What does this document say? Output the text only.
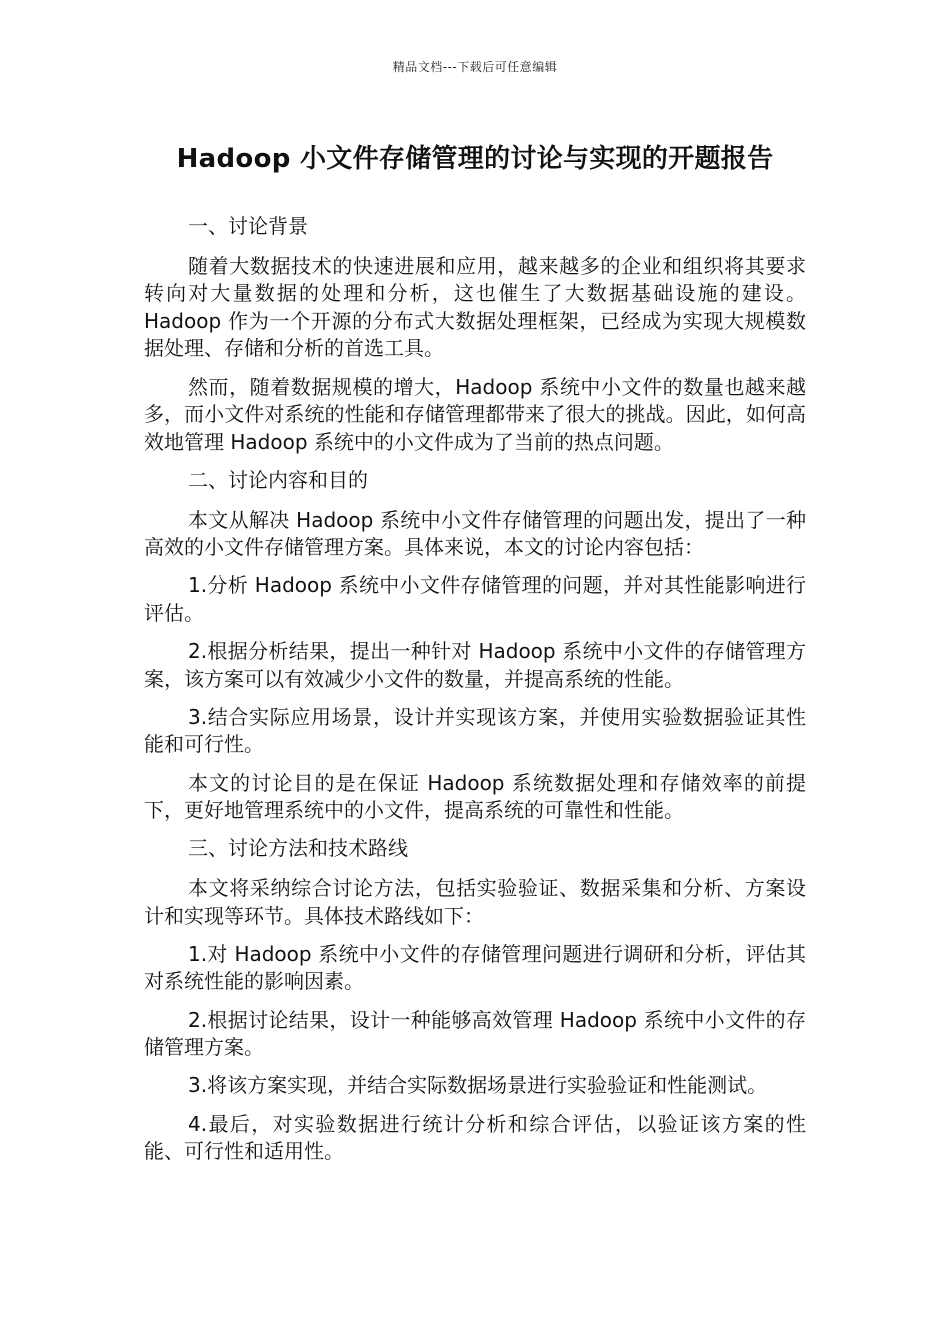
精品文档---下载后可任意编辑
Hadoop 小文件存储管理的讨论与实现的开题报告

一、讨论背景

随着大数据技术的快速进展和应用，越来越多的企业和组织将其要求转向对大量数据的处理和分析，这也催生了大数据基础设施的建设。Hadoop 作为一个开源的分布式大数据处理框架，已经成为实现大规模数据处理、存储和分析的首选工具。

然而，随着数据规模的增大，Hadoop 系统中小文件的数量也越来越多，而小文件对系统的性能和存储管理都带来了很大的挑战。因此，如何高效地管理 Hadoop 系统中的小文件成为了当前的热点问题。

二、讨论内容和目的

本文从解决 Hadoop 系统中小文件存储管理的问题出发，提出了一种高效的小文件存储管理方案。具体来说，本文的讨论内容包括：

1.分析 Hadoop 系统中小文件存储管理的问题，并对其性能影响进行评估。

2.根据分析结果，提出一种针对 Hadoop 系统中小文件的存储管理方案，该方案可以有效减少小文件的数量，并提高系统的性能。

3.结合实际应用场景，设计并实现该方案，并使用实验数据验证其性能和可行性。

本文的讨论目的是在保证 Hadoop 系统数据处理和存储效率的前提下，更好地管理系统中的小文件，提高系统的可靠性和性能。

三、讨论方法和技术路线

本文将采纳综合讨论方法，包括实验验证、数据采集和分析、方案设计和实现等环节。具体技术路线如下：

1.对 Hadoop 系统中小文件的存储管理问题进行调研和分析，评估其对系统性能的影响因素。

2.根据讨论结果，设计一种能够高效管理 Hadoop 系统中小文件的存储管理方案。

3.将该方案实现，并结合实际数据场景进行实验验证和性能测试。

4.最后，对实验数据进行统计分析和综合评估，以验证该方案的性能、可行性和适用性。
